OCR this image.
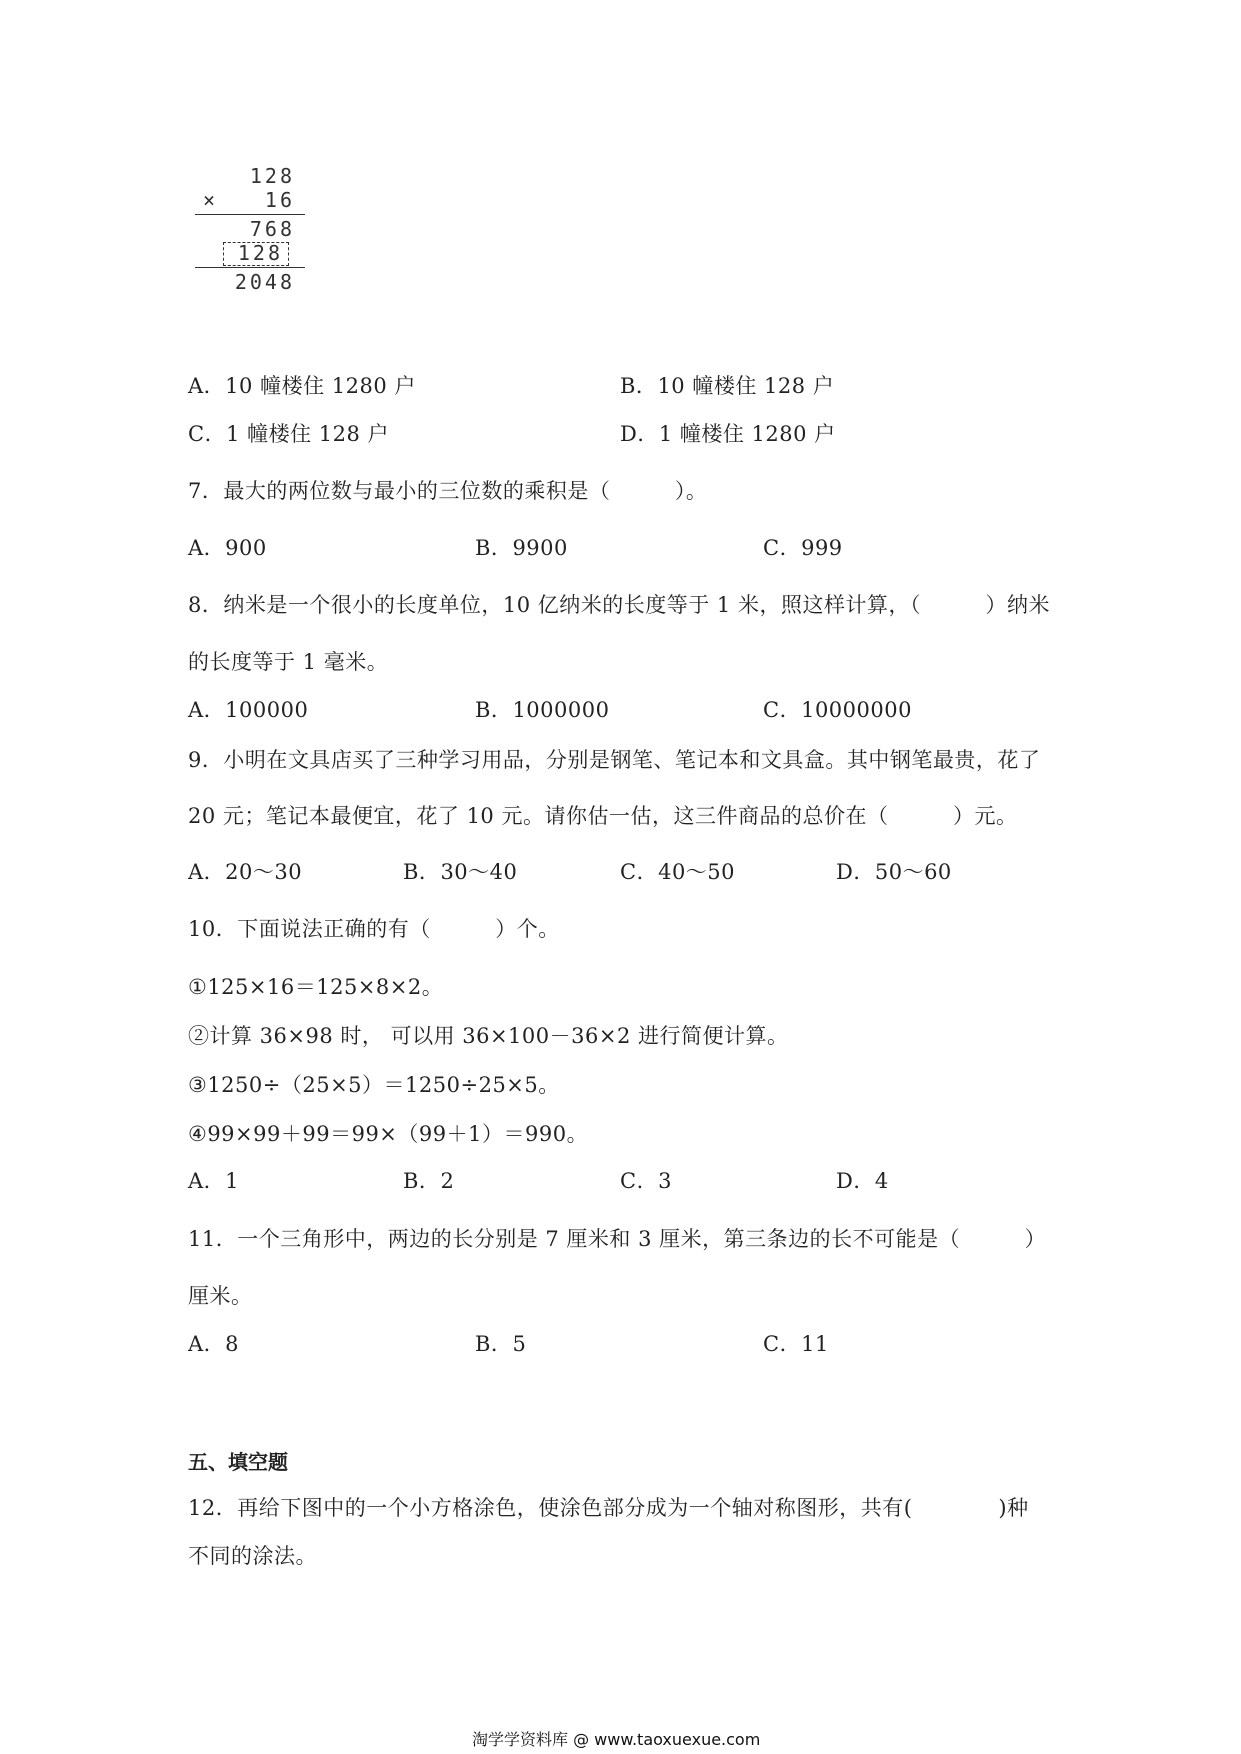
128
× 16
768
128
2048
A．10 幢楼住 1280 户	B．10 幢楼住 128 户
C．1 幢楼住 128 户	D．1 幢楼住 1280 户
7．最大的两位数与最小的三位数的乘积是（　　　）。
A．900	B．9900	C．999
8．纳米是一个很小的长度单位，10 亿纳米的长度等于 1 米，照这样计算，（　　　）纳米
的长度等于 1 毫米。
A．100000	B．1000000	C．10000000
9．小明在文具店买了三种学习用品，分别是钢笔、笔记本和文具盒。其中钢笔最贵，花了
20 元；笔记本最便宜，花了 10 元。请你估一估，这三件商品的总价在（　　　）元。
A．20～30	B．30～40	C．40～50	D．50～60
10．下面说法正确的有（　　　）个。
①125×16＝125×8×2。
②计算 36×98 时， 可以用 36×100－36×2 进行简便计算。
③1250÷（25×5）＝1250÷25×5。
④99×99＋99＝99×（99＋1）＝990。
A．1	B．2	C．3	D．4
11．一个三角形中，两边的长分别是 7 厘米和 3 厘米，第三条边的长不可能是（　　　）
厘米。
A．8	B．5	C．11
五、填空题
12．再给下图中的一个小方格涂色，使涂色部分成为一个轴对称图形，共有(　　　　)种
不同的涂法。
淘学学资料库 @ www.taoxuexue.com
